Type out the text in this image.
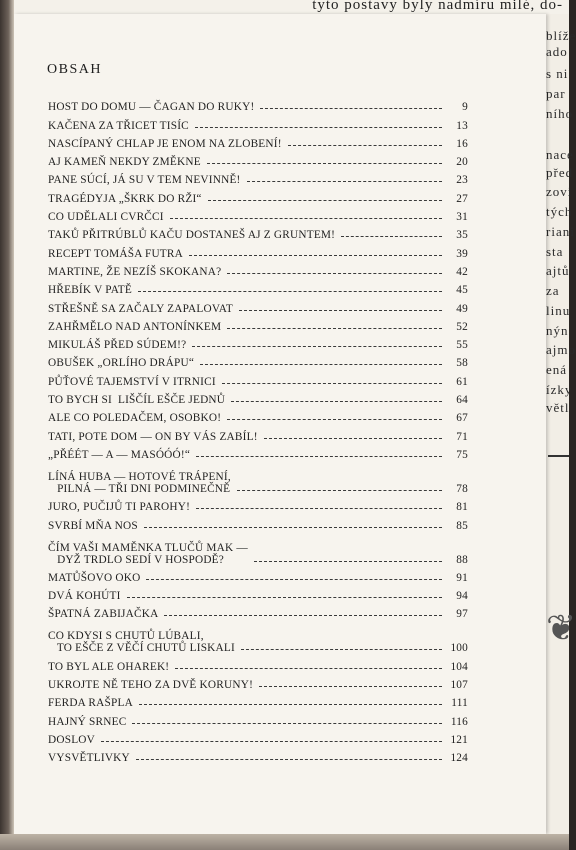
blíže
ado
s ni
par
ního
nace
před
zovi
tých
riani
sta
ajtů
za
linu
nýn
ajmo
ená
ízky
větl
❦
tyto postavy byly nadmíru milé, do-
OBSAH
HOST DO DOMU — ČAGAN DO RUKY!	9
KAČENA ZA TŘICET TISÍC	13
NASCÍPANÝ CHLAP JE ENOM NA ZLOBENÍ!	16
AJ KAMEŇ NEKDY ZMĚKNE	20
PANE SÚCÍ, JÁ SU V TEM NEVINNĚ!	23
TRAGÉDYJA „ŠKRK DO RŽI“	27
CO UDĚLALI CVRČCI	31
TAKŮ PŘITRÚBLŮ KAČU DOSTANEŠ AJ Z GRUNTEM!	35
RECEPT TOMÁŠA FUTRA	39
MARTINE, ŽE NEZÍŠ SKOKANA?	42
HŘEBÍK V PATĚ	45
STŘEŠNĚ SA ZAČALY ZAPALOVAT	49
ZAHŘMĚLO NAD ANTONÍNKEM	52
MIKULÁŠ PŘED SÚDEM!?	55
OBUŠEK „ORLÍHO DRÁPU“	58
PŮŤOVÉ TAJEMSTVÍ V ITRNICI	61
TO BYCH SI  LIŠČÍL EŠČE JEDNŮ	64
ALE CO POLEDAČEM, OSOBKO!	67
TATI, POTE DOM — ON BY VÁS ZABÍL!	71
„PŘÉÉT — A — MASÓÓÓ!“	75
LÍNÁ HUBA — HOTOVÉ TRÁPENÍ,
PILNÁ — TŘI DNI PODMINEČNĚ	78
JURO, PUČIJŮ TI PAROHY!	81
SVRBÍ MŇA NOS	85
ČÍM VAŠI MAMĚNKA TLUČŮ MAK —
DYŽ TRDLO SEDÍ V HOSPODĚ?	88
MATŮŠOVO OKO	91
DVÁ KOHÚTI	94
ŠPATNÁ ZABIJAČKA	97
CO KDYSI S CHUTŮ LÚBALI,
TO EŠČE Z VĚČÍ CHUTŮ LISKALI	100
TO BYL ALE OHAREK!	104
UKROJTE NĚ TEHO ZA DVĚ KORUNY!	107
FERDA RAŠPLA	111
HAJNÝ SRNEC	116
DOSLOV	121
VYSVĚTLIVKY	124
